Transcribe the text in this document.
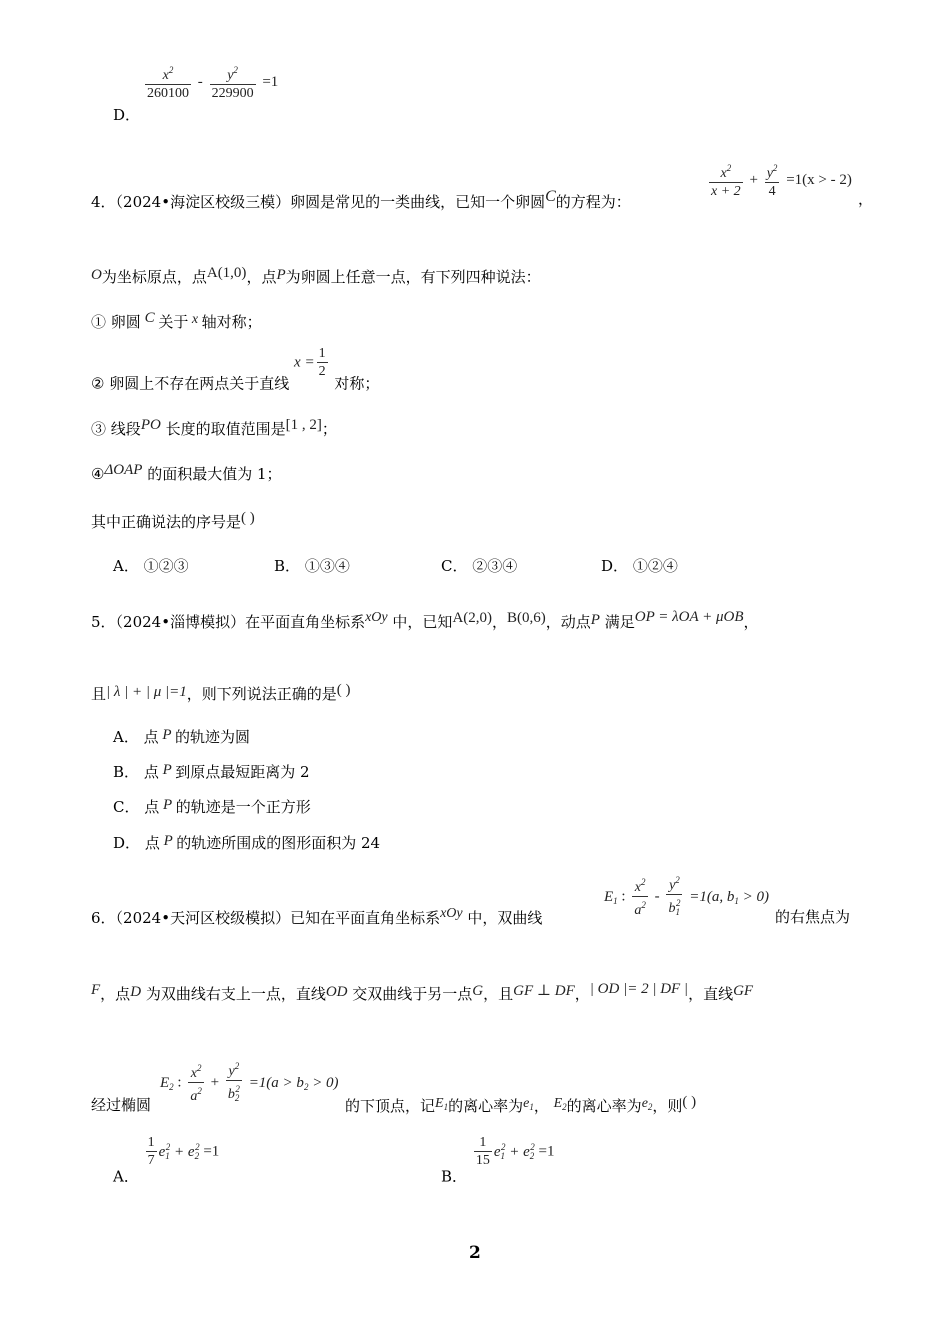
D．
$\frac{x^2}{260100} - \frac{y^2}{229900} =1$
4．（2024•海淀区校级三模）卵圆是常见的一类曲线，已知一个卵圆C的方程为：
$\frac{x^2}{x + 2} + \frac{y^2}{4} =1(x$ > - 2)
，
O为坐标原点，点A(1,0)，点P为卵圆上任意一点，有下列四种说法：
① 卵圆 C 关于 x 轴对称；
② 卵圆上不存在两点关于直线 $x = \frac{1}{2}$
对称；
③ 线段PO 长度的取值范围是[1 , 2]；
④ΔOAP 的面积最大值为 1；
其中正确说法的序号是( )
A． ①②③	B． ①③④	C． ②③④	D． ①②④
5．（2024•淄博模拟）在平面直角坐标系xOy 中，已知A(2,0)，B(0,6)，动点P 满足OP = λOA + μOB，
且| λ | + | μ |=1，则下列说法正确的是( )
A． 点 P 的轨迹为圆
B． 点 P 到原点最短距离为 2
C． 点 P 的轨迹是一个正方形
D． 点 P 的轨迹所围成的图形面积为 24
6．（2024•天河区校级模拟）已知在平面直角坐标系xOy 中，双曲线
$E_1$ : $\frac{x^2}{a^2} - \frac{y^2}{b_1^2} =1(a$, $b_1 > 0$)
的右焦点为
F，点D 为双曲线右支上一点，直线OD 交双曲线于另一点G，且GF ⊥ DF，| OD |= 2 | DF |，直线GF
经过椭圆
$E_2$ : $\frac{x^2}{a^2} + \frac{y^2}{b_2^2} =1(a > b_2 > 0)$
的下顶点，记$E_1$的离心率为$e_1$， $E_2$的离心率为$e_2$，则( )
A．
$\frac{1}{7} e_1^2 + e_2^2 =1$
B．
$\frac{1}{15} e_1^2 + e_2^2 =1$
2
